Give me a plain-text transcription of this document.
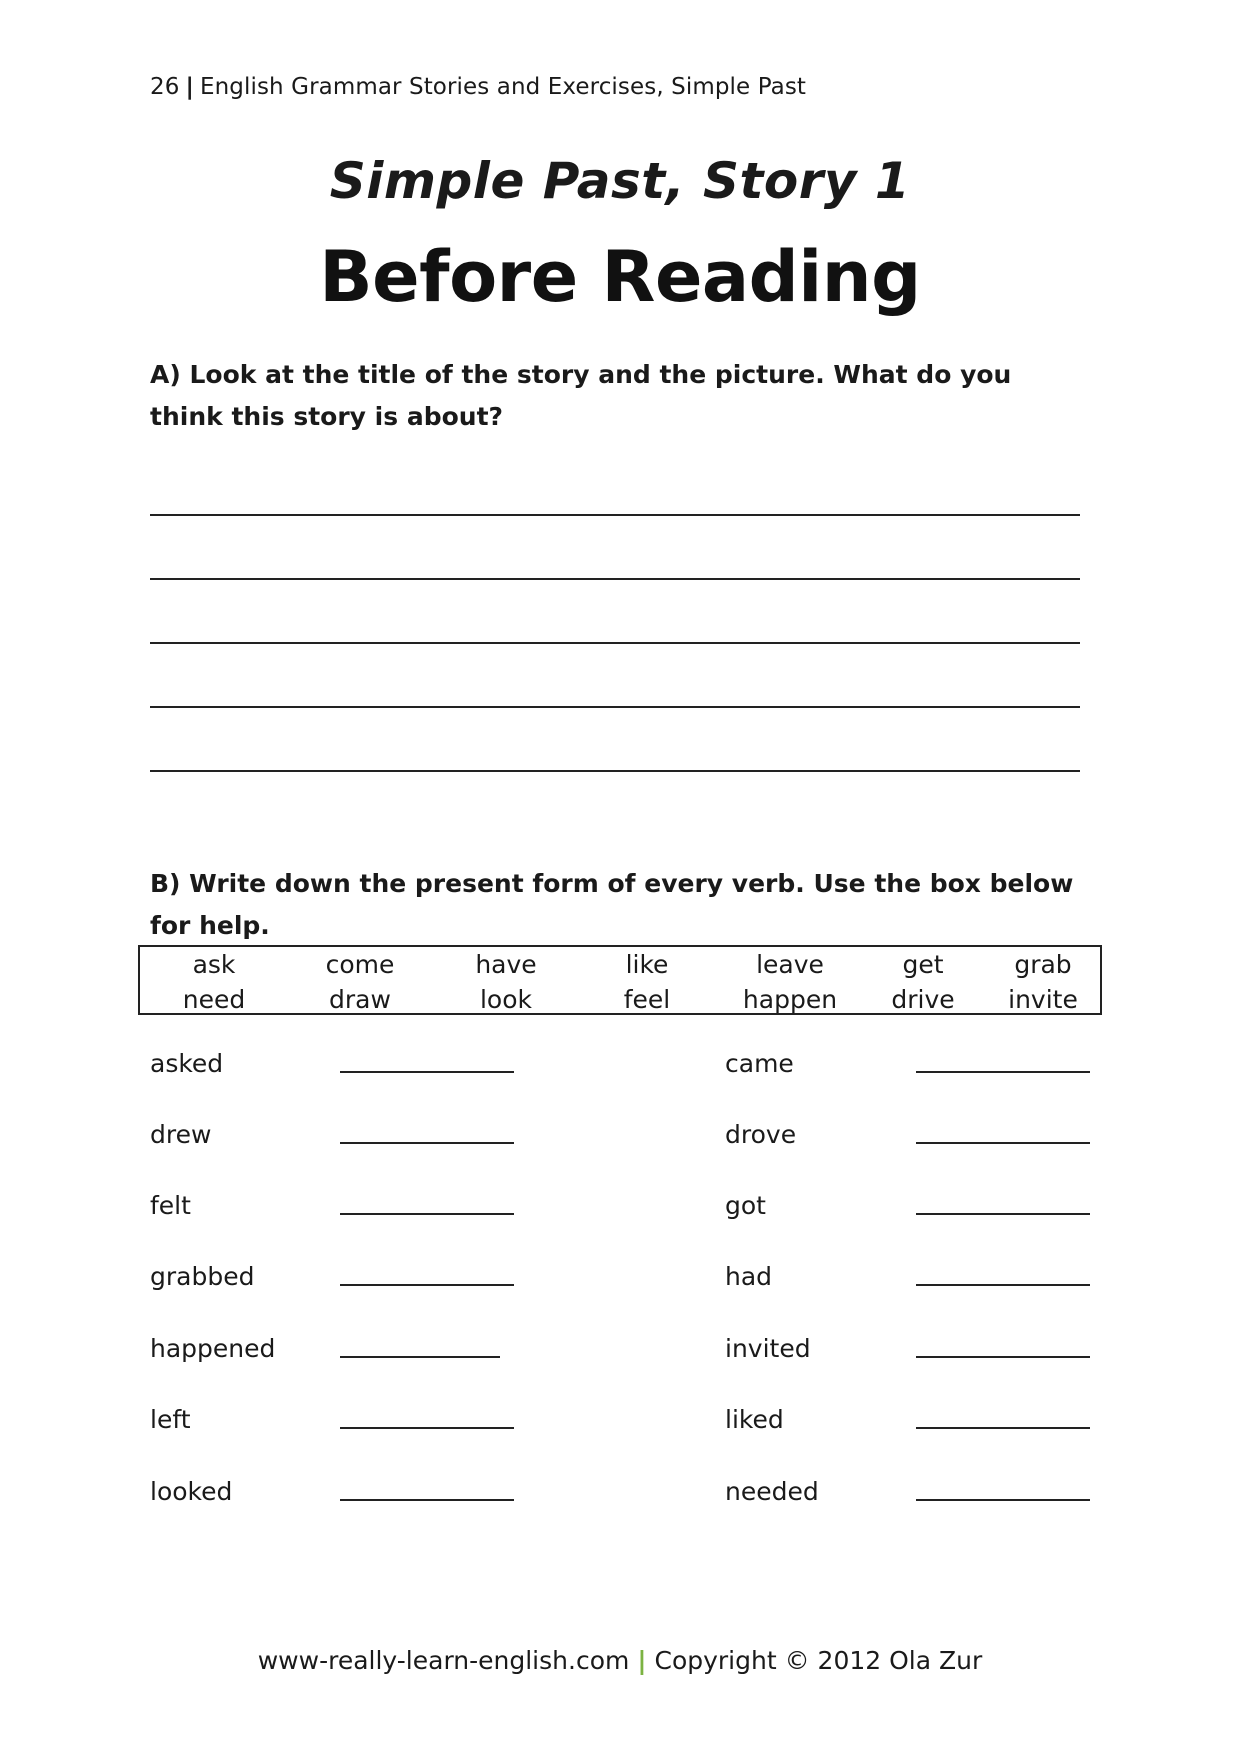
26 | English Grammar Stories and Exercises, Simple Past
Simple Past, Story 1
Before Reading
A) Look at the title of the story and the picture. What do you think this story is about?
B) Write down the present form of every verb. Use the box below for help.
ask
need
come
draw
have
look
like
feel
leave
happen
get
drive
grab
invite
asked
drew
felt
grabbed
happened
left
looked
came
drove
got
had
invited
liked
needed
www-really-learn-english.com | Copyright © 2012 Ola Zur
